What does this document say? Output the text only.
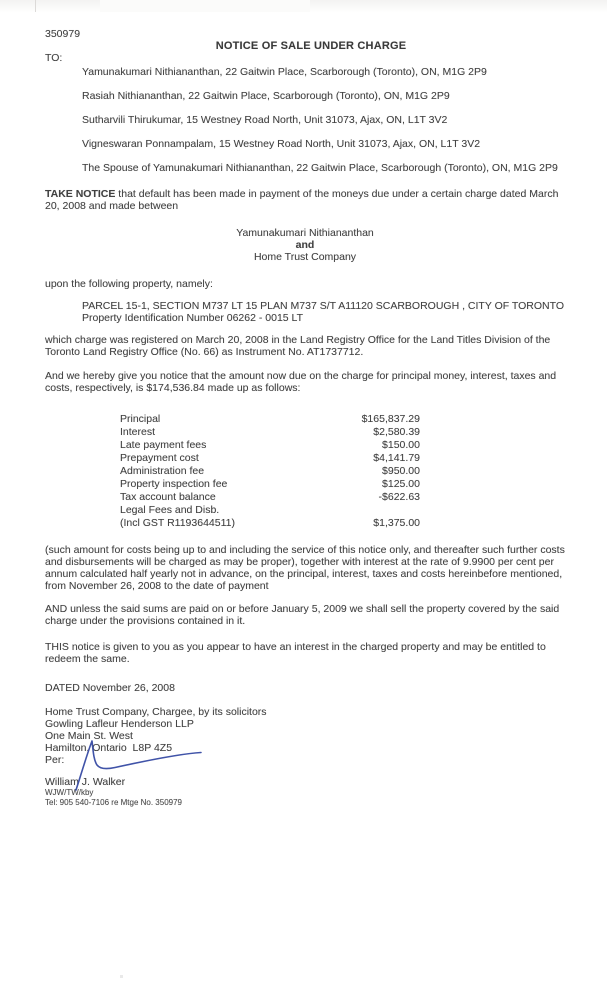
350979
NOTICE OF SALE UNDER CHARGE
TO:
Yamunakumari Nithiananthan, 22 Gaitwin Place, Scarborough (Toronto), ON, M1G 2P9
Rasiah Nithiananthan, 22 Gaitwin Place, Scarborough (Toronto), ON, M1G 2P9
Sutharvili Thirukumar, 15 Westney Road North, Unit 31073, Ajax, ON, L1T 3V2
Vigneswaran Ponnampalam, 15 Westney Road North, Unit 31073, Ajax, ON, L1T 3V2
The Spouse of Yamunakumari Nithiananthan, 22 Gaitwin Place, Scarborough (Toronto), ON, M1G 2P9

TAKE NOTICE that default has been made in payment of the moneys due under a certain charge dated March 20, 2008 and made between

Yamunakumari Nithiananthan
and
Home Trust Company

upon the following property, namely:

PARCEL 15-1, SECTION M737 LT 15 PLAN M737 S/T A11120 SCARBOROUGH , CITY OF TORONTO
Property Identification Number 06262 - 0015 LT

which charge was registered on March 20, 2008 in the Land Registry Office for the Land Titles Division of the Toronto Land Registry Office (No. 66) as Instrument No. AT1737712.

And we hereby give you notice that the amount now due on the charge for principal money, interest, taxes and costs, respectively, is $174,536.84 made up as follows:

Principal	$165,837.29
Interest	$2,580.39
Late payment fees	$150.00
Prepayment cost	$4,141.79
Administration fee	$950.00
Property inspection fee	$125.00
Tax account balance	-$622.63
Legal Fees and Disb.
(Incl GST R1193644511)	$1,375.00

(such amount for costs being up to and including the service of this notice only, and thereafter such further costs and disbursements will be charged as may be proper), together with interest at the rate of 9.9900 per cent per annum calculated half yearly not in advance, on the principal, interest, taxes and costs hereinbefore mentioned, from November 26, 2008 to the date of payment

AND unless the said sums are paid on or before January 5, 2009 we shall sell the property covered by the said charge under the provisions contained in it.

THIS notice is given to you as you appear to have an interest in the charged property and may be entitled to redeem the same.

DATED November 26, 2008

Home Trust Company, Chargee, by its solicitors
Gowling Lafleur Henderson LLP
One Main St. West
Hamilton, Ontario  L8P 4Z5
Per:
William J. Walker
WJW/TW/kby
Tel: 905 540-7106 re Mtge No. 350979
